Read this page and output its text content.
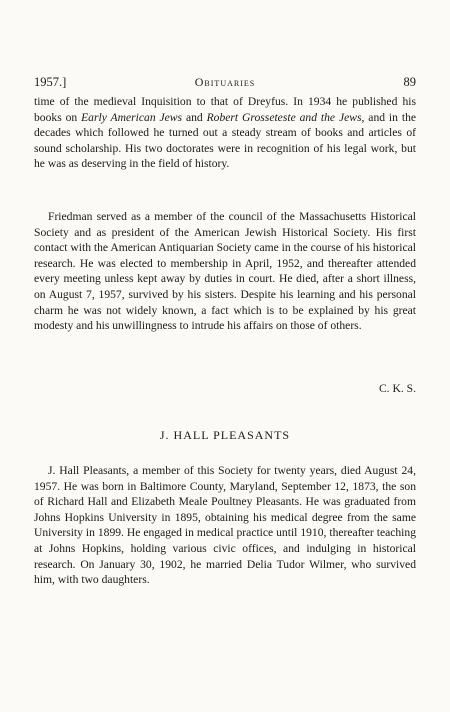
1957.]	Obituaries	89

time of the medieval Inquisition to that of Dreyfus. In 1934 he published his books on Early American Jews and Robert Grosseteste and the Jews, and in the decades which followed he turned out a steady stream of books and articles of sound scholarship. His two doctorates were in recognition of his legal work, but he was as deserving in the field of history.

Friedman served as a member of the council of the Massachusetts Historical Society and as president of the American Jewish Historical Society. His first contact with the American Antiquarian Society came in the course of his historical research. He was elected to membership in April, 1952, and thereafter attended every meeting unless kept away by duties in court. He died, after a short illness, on August 7, 1957, survived by his sisters. Despite his learning and his personal charm he was not widely known, a fact which is to be explained by his great modesty and his unwillingness to intrude his affairs on those of others.

C. K. S.
J. HALL PLEASANTS

J. Hall Pleasants, a member of this Society for twenty years, died August 24, 1957. He was born in Baltimore County, Maryland, September 12, 1873, the son of Richard Hall and Elizabeth Meale Poultney Pleasants. He was graduated from Johns Hopkins University in 1895, obtaining his medical degree from the same University in 1899. He engaged in medical practice until 1910, thereafter teaching at Johns Hopkins, holding various civic offices, and indulging in historical research. On January 30, 1902, he married Delia Tudor Wilmer, who survived him, with two daughters.
